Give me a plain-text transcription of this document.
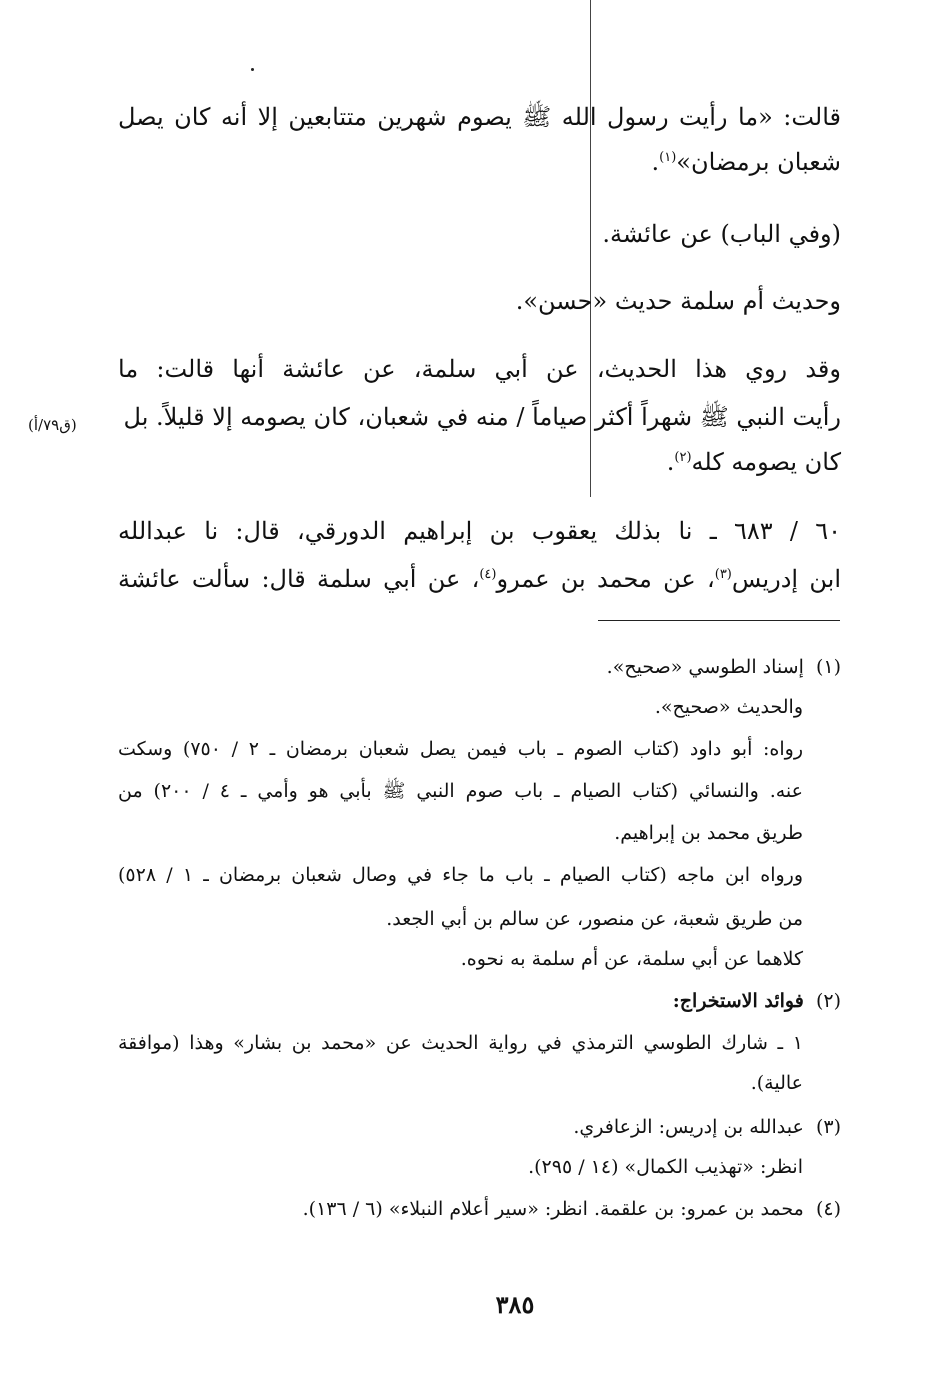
قالت: «ما رأيت رسول الله ﷺ يصوم شهرين متتابعين إلا أنه كان يصل
شعبان برمضان»$^{(١)}$.
(وفي الباب) عن عائشة.
وحديث أم سلمة حديث «حسن».
وقد روي هذا الحديث، عن أبي سلمة، عن عائشة أنها قالت: ما
رأيت النبي ﷺ شهراً أكثر صياماً / منه في شعبان، كان يصومه إلا قليلاً. بل
(ق٧٩/أ)
كان يصومه كله$^{(٢)}$.
٦٠ / ٦٨٣ ـ نا بذلك يعقوب بن إبراهيم الدورقي، قال: نا عبدالله
ابن إدريس$^{(٣)}$، عن محمد بن عمرو$^{(٤)}$، عن أبي سلمة قال: سألت عائشة
(١)  إسناد الطوسي «صحيح».
والحديث «صحيح».
رواه: أبو داود (كتاب الصوم ـ باب فيمن يصل شعبان برمضان ـ ٢ / ٧٥٠) وسكت
عنه. والنسائي (كتاب الصيام ـ باب صوم النبي ﷺ بأبي هو وأمي ـ ٤ / ٢٠٠) من
طريق محمد بن إبراهيم.
ورواه ابن ماجه (كتاب الصيام ـ باب ما جاء في وصال شعبان برمضان ـ ١ / ٥٢٨)
من طريق شعبة، عن منصور، عن سالم بن أبي الجعد.
كلاهما عن أبي سلمة، عن أم سلمة به نحوه.
(٢)  فوائد الاستخراج:
١ ـ شارك الطوسي الترمذي في رواية الحديث عن «محمد بن بشار» وهذا (موافقة
عالية).
(٣)  عبدالله بن إدريس: الزعافري.
انظر: «تهذيب الكمال» (١٤ / ٢٩٥).
(٤)  محمد بن عمرو: بن علقمة. انظر: «سير أعلام النبلاء» (٦ / ١٣٦).
٣٨٥
